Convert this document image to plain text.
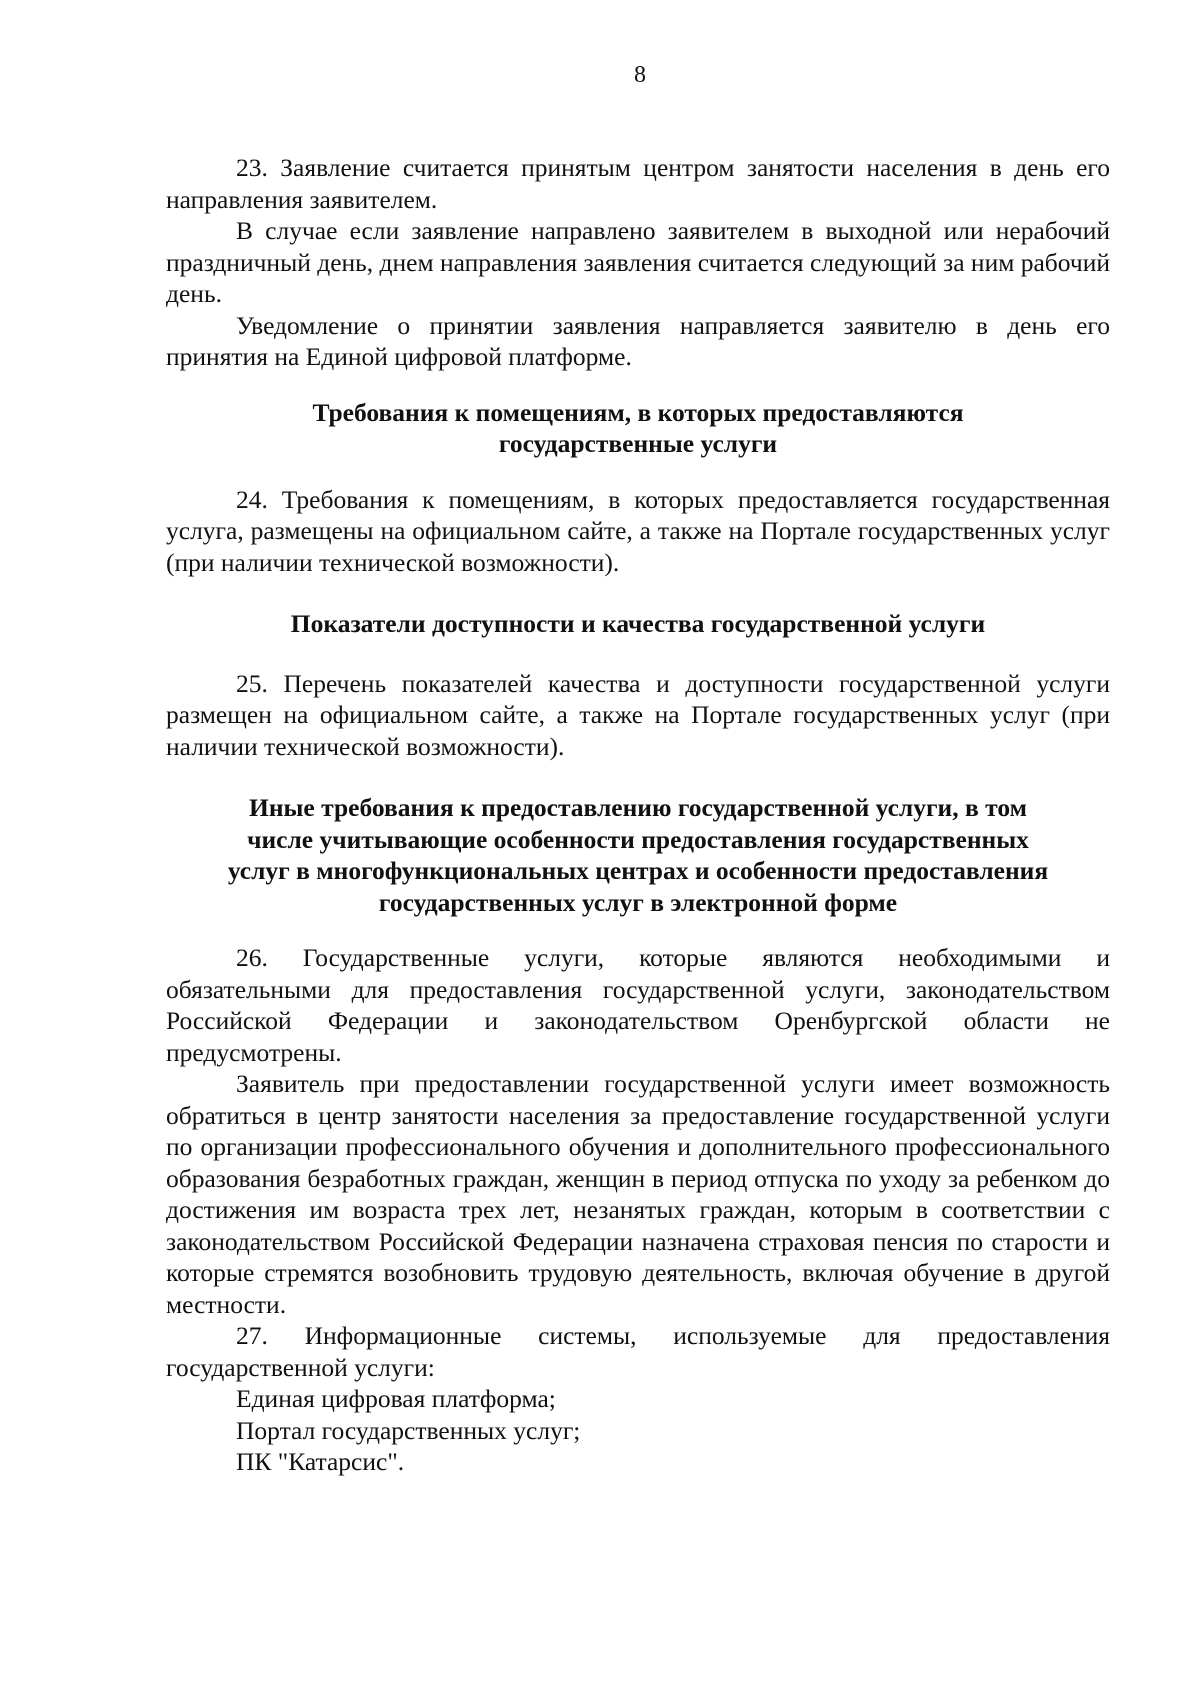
8

23. Заявление считается принятым центром занятости населения в день его направления заявителем.

В случае если заявление направлено заявителем в выходной или нерабочий праздничный день, днем направления заявления считается следующий за ним рабочий день.

Уведомление о принятии заявления направляется заявителю в день его принятия на Единой цифровой платформе.

Требования к помещениям, в которых предоставляются
государственные услуги

24. Требования к помещениям, в которых предоставляется государственная услуга, размещены на официальном сайте, а также на Портале государственных услуг (при наличии технической возможности).

Показатели доступности и качества государственной услуги

25. Перечень показателей качества и доступности государственной услуги размещен на официальном сайте, а также на Портале государственных услуг (при наличии технической возможности).

Иные требования к предоставлению государственной услуги, в том
числе учитывающие особенности предоставления государственных
услуг в многофункциональных центрах и особенности предоставления
государственных услуг в электронной форме

26. Государственные услуги, которые являются необходимыми и обязательными для предоставления государственной услуги, законодательством Российской Федерации и законодательством Оренбургской области не предусмотрены.

Заявитель при предоставлении государственной услуги имеет возможность обратиться в центр занятости населения за предоставление государственной услуги по организации профессионального обучения и дополнительного профессионального образования безработных граждан, женщин в период отпуска по уходу за ребенком до достижения им возраста трех лет, незанятых граждан, которым в соответствии с законодательством Российской Федерации назначена страховая пенсия по старости и которые стремятся возобновить трудовую деятельность, включая обучение в другой местности.

27. Информационные системы, используемые для предоставления государственной услуги:

Единая цифровая платформа;

Портал государственных услуг;

ПК "Катарсис".
